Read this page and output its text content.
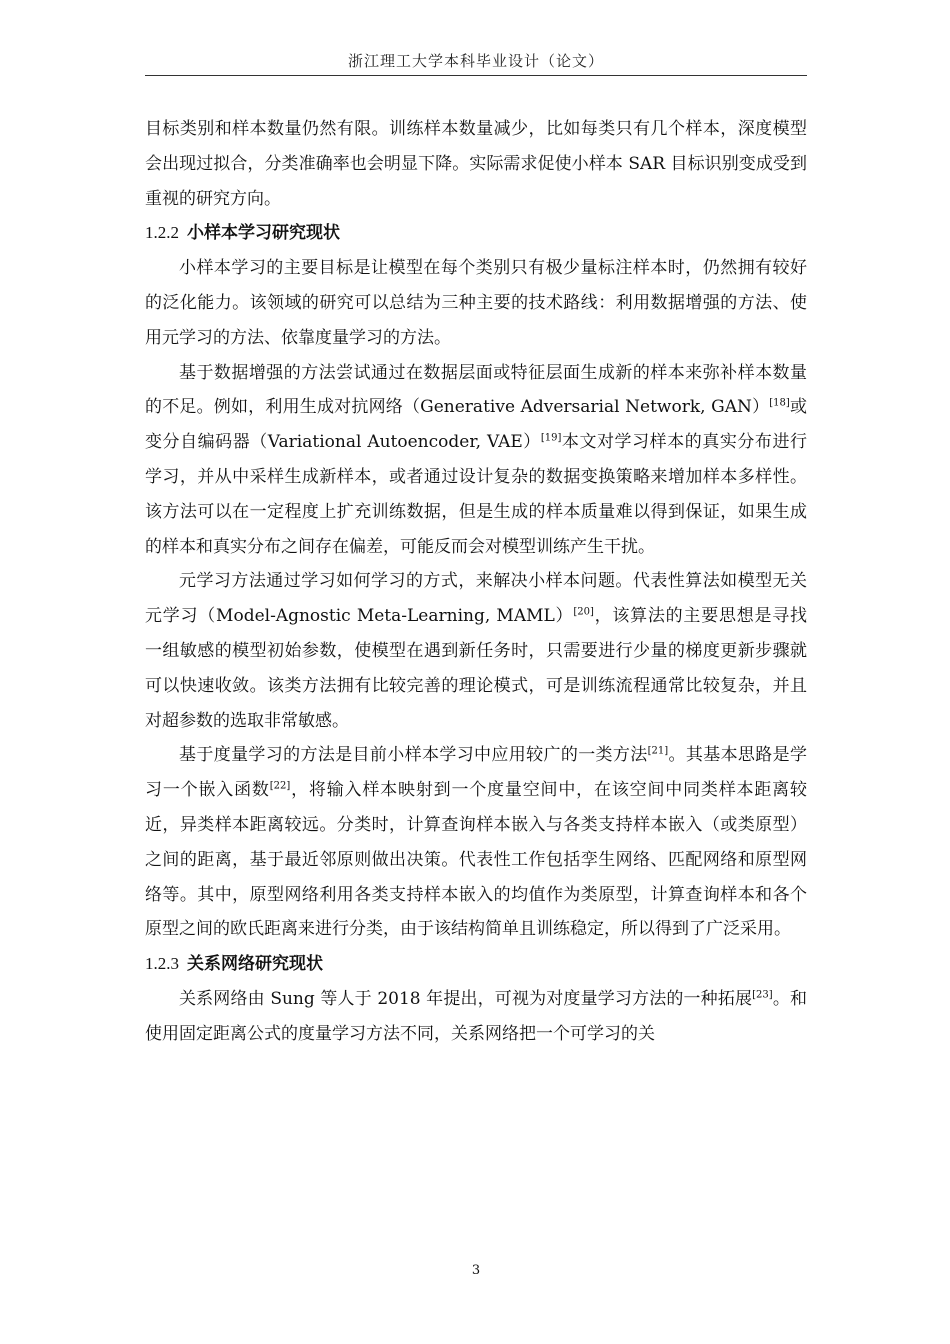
浙江理工大学本科毕业设计（论文）

目标类别和样本数量仍然有限。训练样本数量减少，比如每类只有几个样本，深度模型会出现过拟合，分类准确率也会明显下降。实际需求促使小样本 SAR 目标识别变成受到重视的研究方向。

1.2.2 小样本学习研究现状

小样本学习的主要目标是让模型在每个类别只有极少量标注样本时，仍然拥有较好的泛化能力。该领域的研究可以总结为三种主要的技术路线：利用数据增强的方法、使用元学习的方法、依靠度量学习的方法。

基于数据增强的方法尝试通过在数据层面或特征层面生成新的样本来弥补样本数量的不足。例如，利用生成对抗网络（Generative Adversarial Network, GAN）[18]或变分自编码器（Variational Autoencoder, VAE）[19]本文对学习样本的真实分布进行学习，并从中采样生成新样本，或者通过设计复杂的数据变换策略来增加样本多样性。该方法可以在一定程度上扩充训练数据，但是生成的样本质量难以得到保证，如果生成的样本和真实分布之间存在偏差，可能反而会对模型训练产生干扰。

元学习方法通过学习如何学习的方式，来解决小样本问题。代表性算法如模型无关元学习（Model-Agnostic Meta-Learning, MAML）[20]，该算法的主要思想是寻找一组敏感的模型初始参数，使模型在遇到新任务时，只需要进行少量的梯度更新步骤就可以快速收敛。该类方法拥有比较完善的理论模式，可是训练流程通常比较复杂，并且对超参数的选取非常敏感。

基于度量学习的方法是目前小样本学习中应用较广的一类方法[21]。其基本思路是学习一个嵌入函数[22]，将输入样本映射到一个度量空间中，在该空间中同类样本距离较近，异类样本距离较远。分类时，计算查询样本嵌入与各类支持样本嵌入（或类原型）之间的距离，基于最近邻原则做出决策。代表性工作包括孪生网络、匹配网络和原型网络等。其中，原型网络利用各类支持样本嵌入的均值作为类原型，计算查询样本和各个原型之间的欧氏距离来进行分类，由于该结构简单且训练稳定，所以得到了广泛采用。

1.2.3 关系网络研究现状

关系网络由 Sung 等人于 2018 年提出，可视为对度量学习方法的一种拓展[23]。和使用固定距离公式的度量学习方法不同，关系网络把一个可学习的关

3
